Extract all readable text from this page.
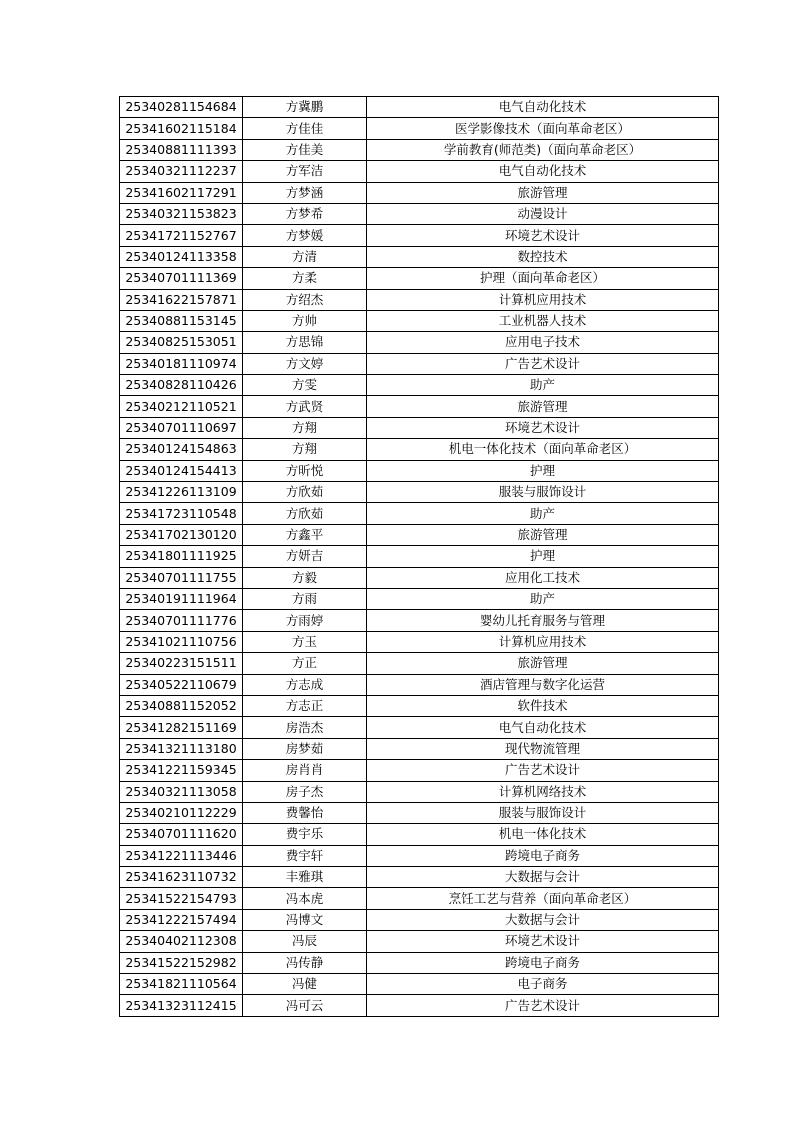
25340281154684	方冀鹏	电气自动化技术
25341602115184	方佳佳	医学影像技术（面向革命老区）
25340881111393	方佳美	学前教育(师范类)（面向革命老区）
25340321112237	方军洁	电气自动化技术
25341602117291	方梦涵	旅游管理
25340321153823	方梦希	动漫设计
25341721152767	方梦媛	环境艺术设计
25340124113358	方清	数控技术
25340701111369	方柔	护理（面向革命老区）
25341622157871	方绍杰	计算机应用技术
25340881153145	方帅	工业机器人技术
25340825153051	方思锦	应用电子技术
25340181110974	方文婷	广告艺术设计
25340828110426	方雯	助产
25340212110521	方武贤	旅游管理
25340701110697	方翔	环境艺术设计
25340124154863	方翔	机电一体化技术（面向革命老区）
25340124154413	方昕悦	护理
25341226113109	方欣茹	服装与服饰设计
25341723110548	方欣茹	助产
25341702130120	方鑫平	旅游管理
25341801111925	方妍吉	护理
25340701111755	方毅	应用化工技术
25340191111964	方雨	助产
25340701111776	方雨婷	婴幼儿托育服务与管理
25341021110756	方玉	计算机应用技术
25340223151511	方正	旅游管理
25340522110679	方志成	酒店管理与数字化运营
25340881152052	方志正	软件技术
25341282151169	房浩杰	电气自动化技术
25341321113180	房梦茹	现代物流管理
25341221159345	房肖肖	广告艺术设计
25340321113058	房子杰	计算机网络技术
25340210112229	费馨怡	服装与服饰设计
25340701111620	费宇乐	机电一体化技术
25341221113446	费宇轩	跨境电子商务
25341623110732	丰雅琪	大数据与会计
25341522154793	冯本虎	烹饪工艺与营养（面向革命老区）
25341222157494	冯博文	大数据与会计
25340402112308	冯辰	环境艺术设计
25341522152982	冯传静	跨境电子商务
25341821110564	冯健	电子商务
25341323112415	冯可云	广告艺术设计
